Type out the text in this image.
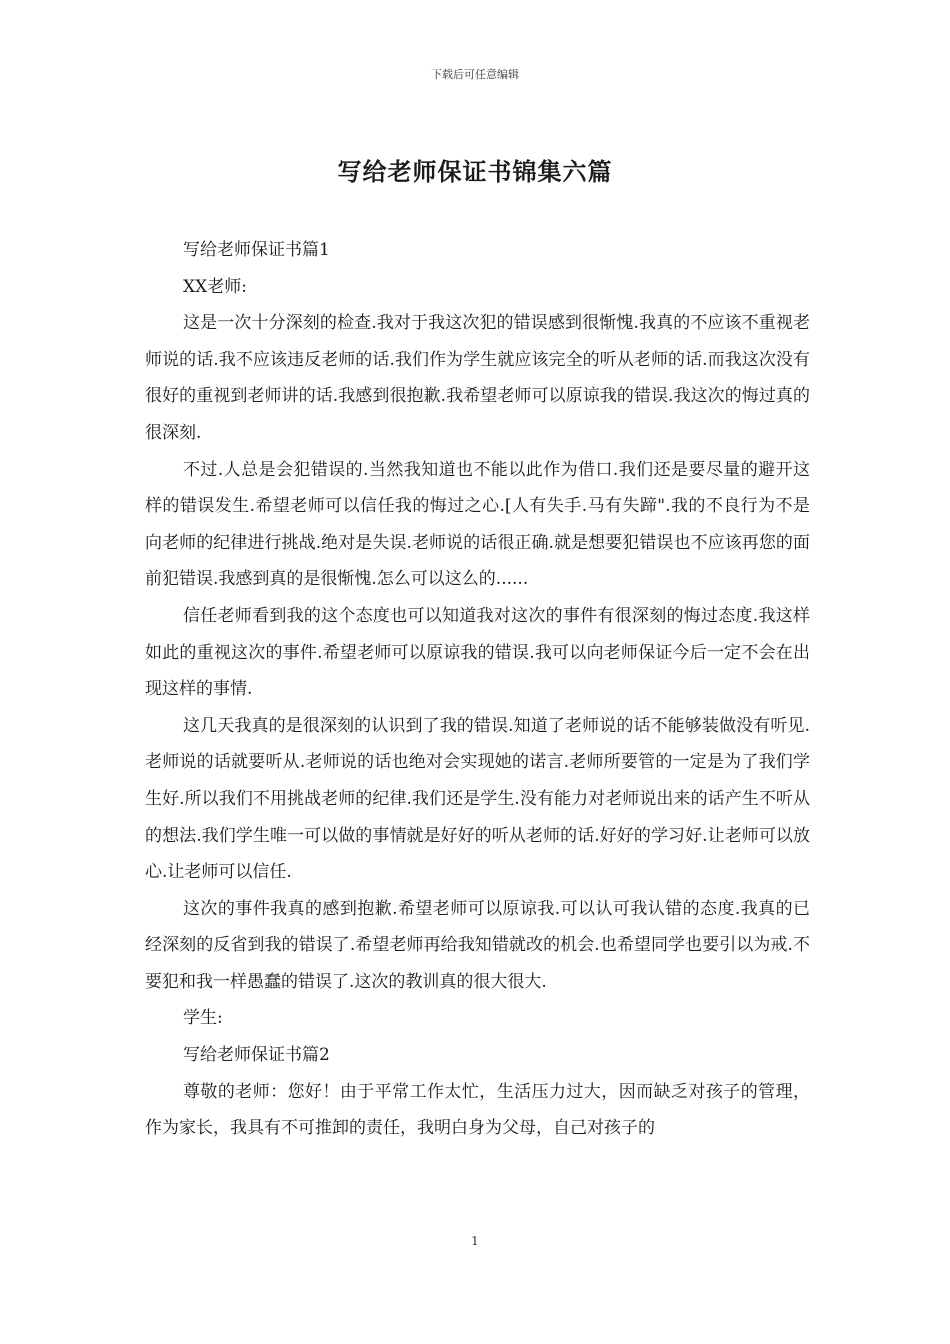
下载后可任意编辑
写给老师保证书锦集六篇

写给老师保证书篇1

XX老师:

这是一次十分深刻的检查.我对于我这次犯的错误感到很惭愧.我真的不应该不重视老师说的话.我不应该违反老师的话.我们作为学生就应该完全的听从老师的话.而我这次没有很好的重视到老师讲的话.我感到很抱歉.我希望老师可以原谅我的错误.我这次的悔过真的很深刻.

不过.人总是会犯错误的.当然我知道也不能以此作为借口.我们还是要尽量的避开这样的错误发生.希望老师可以信任我的悔过之心.[人有失手.马有失蹄".我的不良行为不是向老师的纪律进行挑战.绝对是失误.老师说的话很正确.就是想要犯错误也不应该再您的面前犯错误.我感到真的是很惭愧.怎么可以这么的......

信任老师看到我的这个态度也可以知道我对这次的事件有很深刻的悔过态度.我这样如此的重视这次的事件.希望老师可以原谅我的错误.我可以向老师保证今后一定不会在出现这样的事情.

这几天我真的是很深刻的认识到了我的错误.知道了老师说的话不能够装做没有听见.老师说的话就要听从.老师说的话也绝对会实现她的诺言.老师所要管的一定是为了我们学生好.所以我们不用挑战老师的纪律.我们还是学生.没有能力对老师说出来的话产生不听从的想法.我们学生唯一可以做的事情就是好好的听从老师的话.好好的学习好.让老师可以放心.让老师可以信任.

这次的事件我真的感到抱歉.希望老师可以原谅我.可以认可我认错的态度.我真的已经深刻的反省到我的错误了.希望老师再给我知错就改的机会.也希望同学也要引以为戒.不要犯和我一样愚蠢的错误了.这次的教训真的很大很大.

学生:

写给老师保证书篇2

尊敬的老师：您好！由于平常工作太忙，生活压力过大，因而缺乏对孩子的管理，作为家长，我具有不可推卸的责任，我明白身为父母，自己对孩子的

1
